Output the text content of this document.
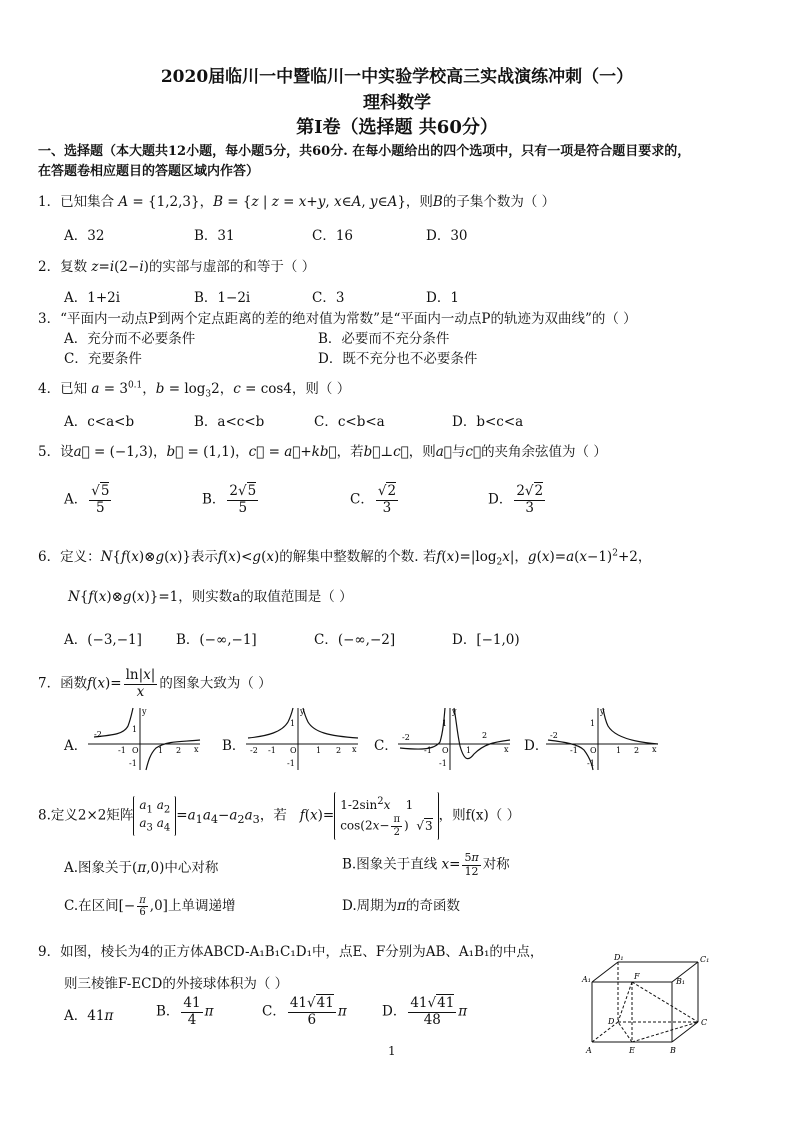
2020届临川一中暨临川一中实验学校高三实战演练冲刺（一）
理科数学
第Ⅰ卷（选择题 共60分）
一、选择题（本大题共12小题，每小题5分，共60分. 在每小题给出的四个选项中，只有一项是符合题目要求的，
在答题卷相应题目的答题区域内作答）
1．已知集合 A = {1,2,3}，B = {z | z = x+y, x∈A, y∈A}，则B的子集个数为（ ）
A．32	B．31	C．16	D．30
2．复数 z=i(2−i)的实部与虚部的和等于（ ）
A．1+2i	B．1−2i	C．3	D．1
3．“平面内一动点P到两个定点距离的差的绝对值为常数”是“平面内一动点P的轨迹为双曲线”的（ ）
A．充分而不必要条件	B．必要而不充分条件
C．充要条件	D．既不充分也不必要条件
4．已知 $a = 3^{0.1}$，$b = \log_32$，c = cos4，则（ ）
A．c<a<b	B．a<c<b	C．c<b<a	D．b<c<a
5．设a⃗ = (−1,3)，b⃗ = (1,1)，c⃗ = a⃗+kb⃗，若b⃗⊥c⃗，则a⃗与c⃗的夹角余弦值为（ ）
A． $\frac{√5}{5}$	B． $\frac{2√5}{5}$	C． $\frac{√2}{3}$	D． $\frac{2√2}{3}$
6．定义：N{f(x)⊗g(x)}表示f(x)<g(x)的解集中整数解的个数. 若$f(x)=|\log_2x|$，$g(x)=a(x-1)^2+2$，
N{f(x)⊗g(x)}=1，则实数a的取值范围是（ ）
A．(−3,−1]	B．(−∞,−1]	C．(−∞,−2]	D．[−1,0)
7．函数$f(x)= \frac{\ln|x|}{x}$ 的图象大致为（ ）
A．
-2
-1 O 1 2
y
x
1
-1
B． -2 -1 O 1 2
y
x
1
-1
C．
-2
-1 O 1
2
y
x
1
-1
D．
-2
-1 O 1 2
y
x
1
-1
8.定义2×2矩阵$a_1$ $a_2$
$a_3$ $a_4=a_1a_4-a_2a_3$，若 $f(x)=1-2\sin^2x$    1
$\cos(2x- \frac{\pi}{2}$ )  √3，则f(x)（ ）
A.图象关于(π,0)中心对称	B.图象关于直线 $x= \frac{5\pi}{12}$ 对称
C.在区间[− $\frac{\pi}{6} ,0$]上单调递增	D.周期为π的奇函数
9．如图，棱长为4的正方体ABCD-A₁B₁C₁D₁中，点E、F分别为AB、A₁B₁的中点，
则三棱锥F-ECD的外接球体积为（ ）
A．41π	B． $\frac{41}{4}$ π	C． $\frac{41√41}{6}$ π	D． $\frac{41√41}{48}$ π
A₁
D₁	C₁
B₁
F
D	C
A	E	B
1
